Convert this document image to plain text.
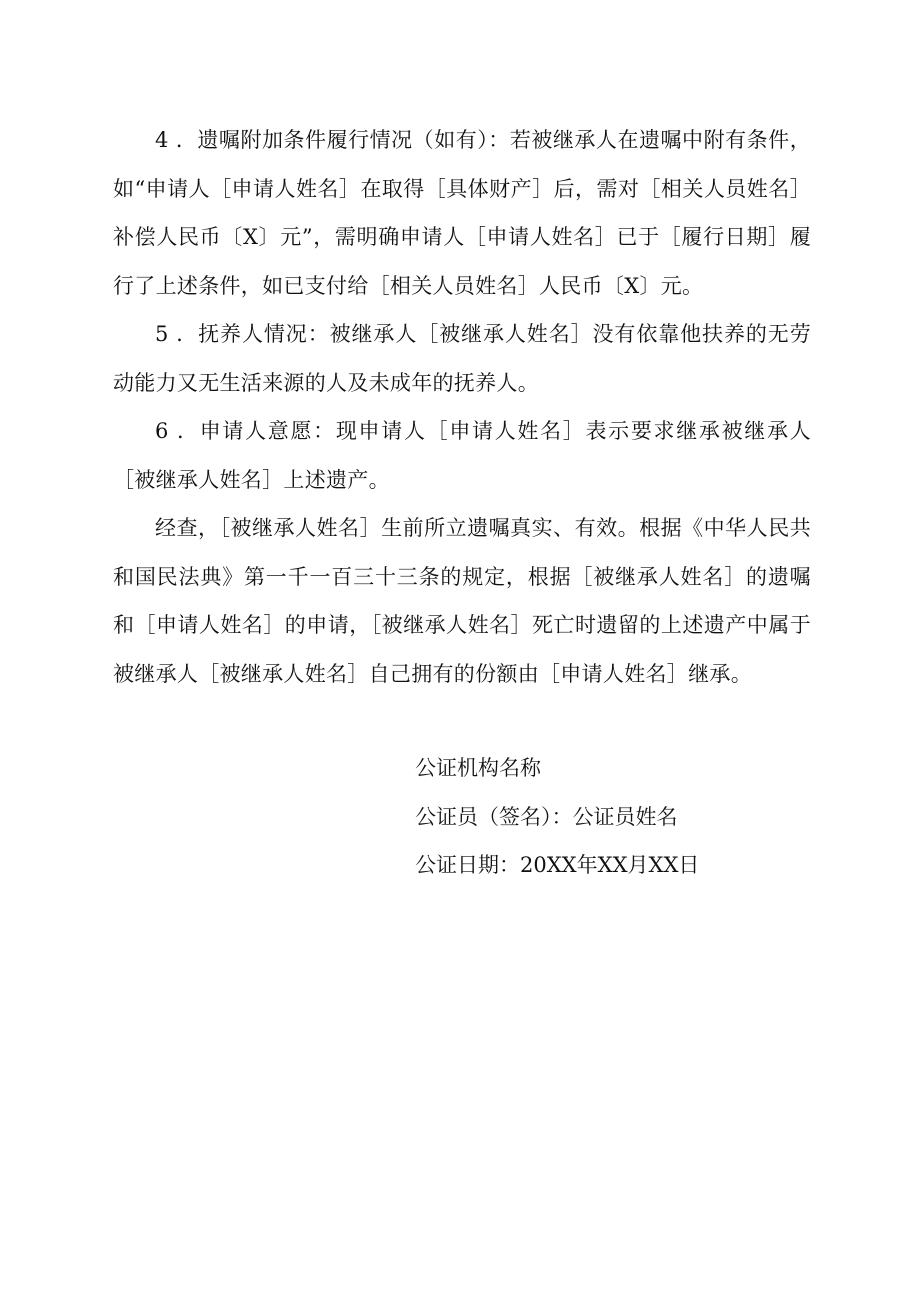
4 ．遗嘱附加条件履行情况（如有）：若被继承人在遗嘱中附有条件，如“申请人［申请人姓名］在取得［具体财产］后，需对［相关人员姓名］补偿人民币〔X〕元”，需明确申请人［申请人姓名］已于［履行日期］履行了上述条件，如已支付给［相关人员姓名］人民币〔X〕元。

5 ．抚养人情况：被继承人［被继承人姓名］没有依靠他扶养的无劳动能力又无生活来源的人及未成年的抚养人。

6 ．申请人意愿：现申请人［申请人姓名］表示要求继承被继承人［被继承人姓名］上述遗产。

经查，［被继承人姓名］生前所立遗嘱真实、有效。根据《中华人民共和国民法典》第一千一百三十三条的规定，根据［被继承人姓名］的遗嘱和［申请人姓名］的申请，［被继承人姓名］死亡时遗留的上述遗产中属于被继承人［被继承人姓名］自己拥有的份额由［申请人姓名］继承。

公证机构名称
公证员（签名）：公证员姓名
公证日期：20XX年XX月XX日
